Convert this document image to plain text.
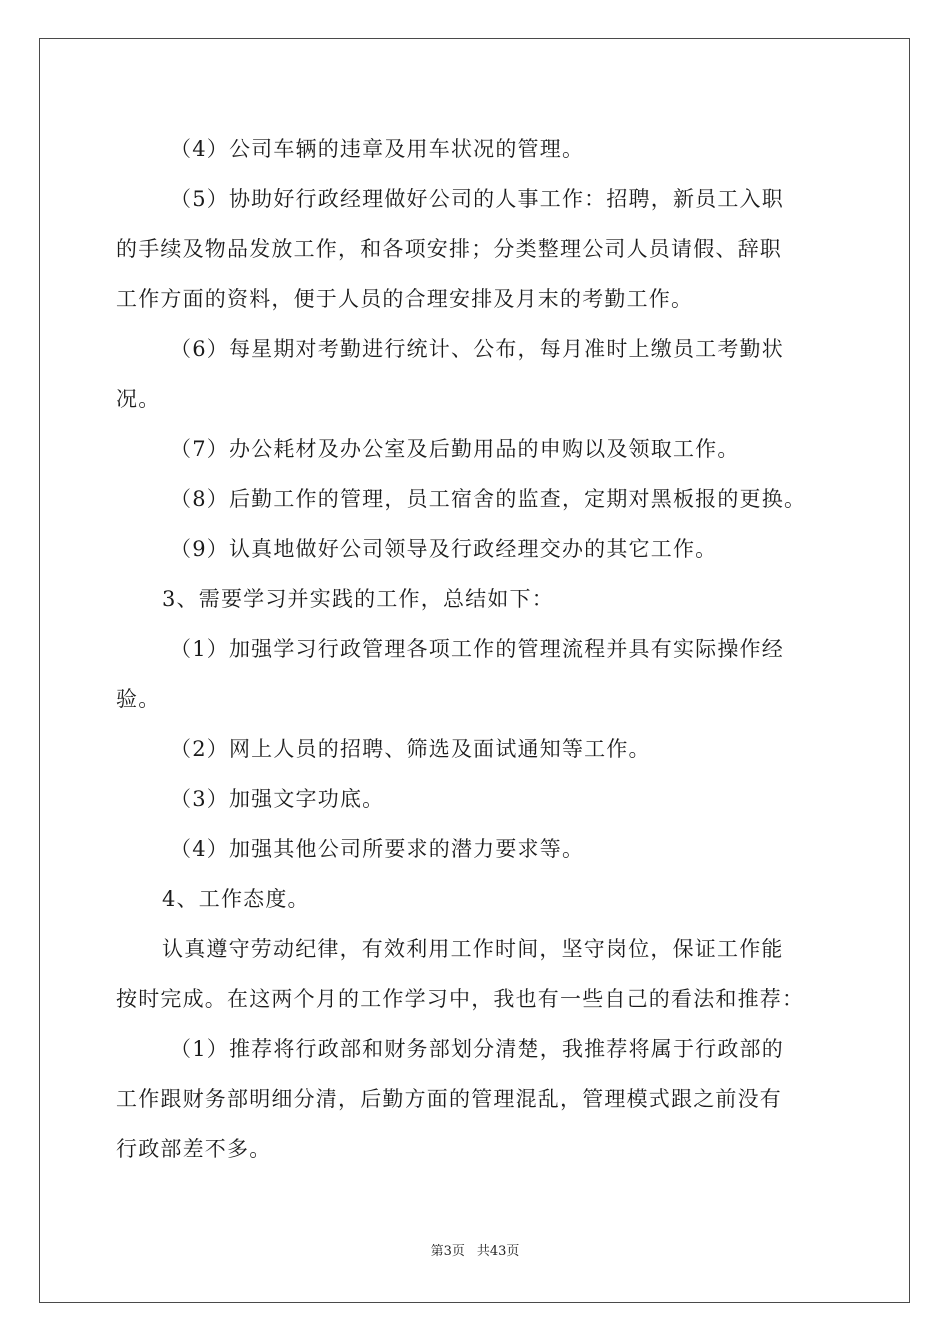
（4）公司车辆的违章及用车状况的管理。
（5）协助好行政经理做好公司的人事工作：招聘，新员工入职
的手续及物品发放工作，和各项安排；分类整理公司人员请假、辞职
工作方面的资料，便于人员的合理安排及月末的考勤工作。
（6）每星期对考勤进行统计、公布，每月准时上缴员工考勤状
况。
（7）办公耗材及办公室及后勤用品的申购以及领取工作。
（8）后勤工作的管理，员工宿舍的监查，定期对黑板报的更换。
（9）认真地做好公司领导及行政经理交办的其它工作。
3、需要学习并实践的工作，总结如下：
（1）加强学习行政管理各项工作的管理流程并具有实际操作经
验。
（2）网上人员的招聘、筛选及面试通知等工作。
（3）加强文字功底。
（4）加强其他公司所要求的潜力要求等。
4、工作态度。
认真遵守劳动纪律，有效利用工作时间，坚守岗位，保证工作能
按时完成。在这两个月的工作学习中，我也有一些自己的看法和推荐：
（1）推荐将行政部和财务部划分清楚，我推荐将属于行政部的
工作跟财务部明细分清，后勤方面的管理混乱，管理模式跟之前没有
行政部差不多。
第3页 共43页
